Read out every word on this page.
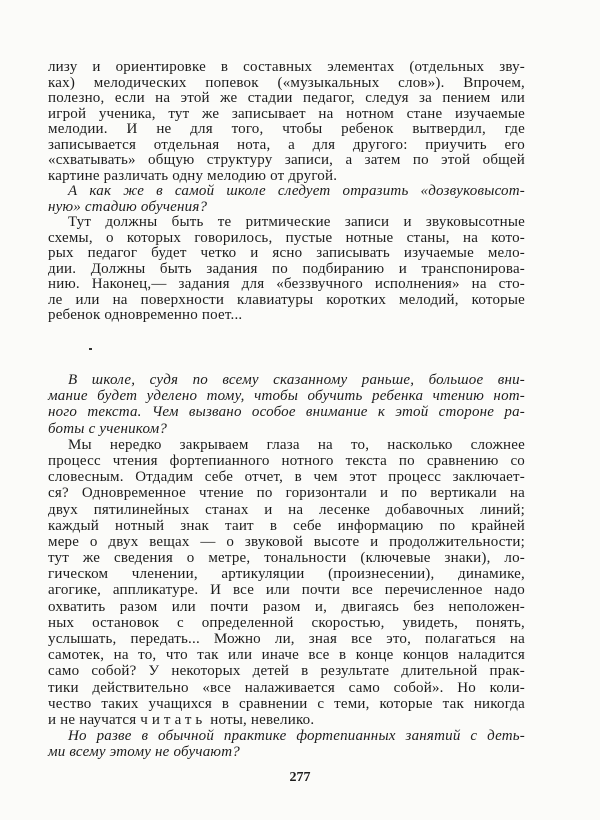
лизу и ориентировке в составных элементах (отдельных зву-
ках) мелодических попевок («музыкальных слов»). Впрочем,
полезно, если на этой же стадии педагог, следуя за пением или
игрой ученика, тут же записывает на нотном стане изучаемые
мелодии. И не для того, чтобы ребенок вытвердил, где
записывается отдельная нота, а для другого: приучить его
«схватывать» общую структуру записи, а затем по этой общей
картине различать одну мелодию от другой.
А как же в самой школе следует отразить «дозвуковысот-
ную» стадию обучения?
Тут должны быть те ритмические записи и звуковысотные
схемы, о которых говорилось, пустые нотные станы, на кото-
рых педагог будет четко и ясно записывать изучаемые мело-
дии. Должны быть задания по подбиранию и транспонирова-
нию. Наконец,— задания для «беззвучного исполнения» на сто-
ле или на поверхности клавиатуры коротких мелодий, которые
ребенок одновременно поет...
В школе, судя по всему сказанному раньше, большое вни-
мание будет уделено тому, чтобы обучить ребенка чтению нот-
ного текста. Чем вызвано особое внимание к этой стороне ра-
боты с учеником?
Мы нередко закрываем глаза на то, насколько сложнее
процесс чтения фортепианного нотного текста по сравнению со
словесным. Отдадим себе отчет, в чем этот процесс заключает-
ся? Одновременное чтение по горизонтали и по вертикали на
двух пятилинейных станах и на лесенке добавочных линий;
каждый нотный знак таит в себе информацию по крайней
мере о двух вещах — о звуковой высоте и продолжительности;
тут же сведения о метре, тональности (ключевые знаки), ло-
гическом членении, артикуляции (произнесении), динамике,
агогике, аппликатуре. И все или почти все перечисленное надо
охватить разом или почти разом и, двигаясь без неположен-
ных остановок с определенной скоростью, увидеть, понять,
услышать, передать... Можно ли, зная все это, полагаться на
самотек, на то, что так или иначе все в конце концов наладится
само собой? У некоторых детей в результате длительной прак-
тики действительно «все налаживается само собой». Но коли-
чество таких учащихся в сравнении с теми, которые так никогда
и не научатся читать ноты, невелико.
Но разве в обычной практике фортепианных занятий с деть-
ми всему этому не обучают?
277
